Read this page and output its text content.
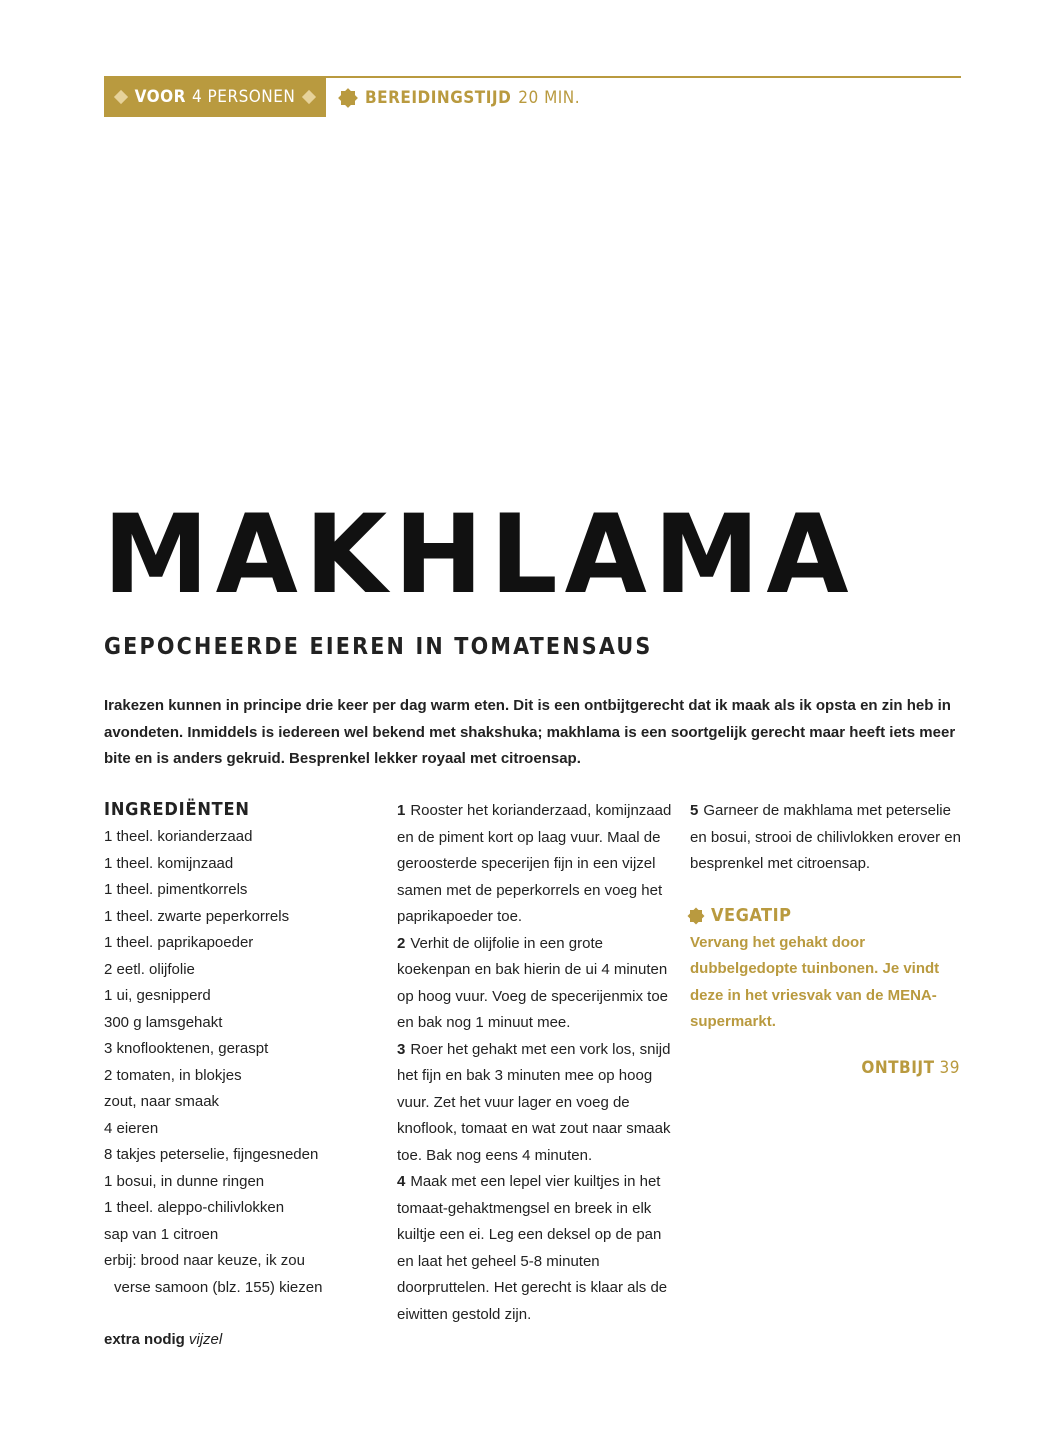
VOOR 4 PERSONEN	BEREIDINGSTIJD 20 MIN.
MAKHLAMA
GEPOCHEERDE EIEREN IN TOMATENSAUS

Irakezen kunnen in principe drie keer per dag warm eten. Dit is een ontbijtgerecht dat ik maak als ik opsta en zin heb in avondeten. Inmiddels is iedereen wel bekend met shakshuka; makhlama is een soortgelijk gerecht maar heeft iets meer bite en is anders gekruid. Besprenkel lekker royaal met citroensap.

INGREDIËNTEN
1 theel. korianderzaad
1 theel. komijnzaad
1 theel. pimentkorrels
1 theel. zwarte peperkorrels
1 theel. paprikapoeder
2 eetl. olijfolie
1 ui, gesnipperd
300 g lamsgehakt
3 knoflooktenen, geraspt
2 tomaten, in blokjes
zout, naar smaak
4 eieren
8 takjes peterselie, fijngesneden
1 bosui, in dunne ringen
1 theel. aleppo-chilivlokken
sap van 1 citroen
erbij: brood naar keuze, ik zou
verse samoon (blz. 155) kiezen
extra nodig vijzel

1 Rooster het korianderzaad, komijnzaad en de piment kort op laag vuur. Maal de geroosterde specerijen fijn in een vijzel samen met de peperkorrels en voeg het paprikapoeder toe.

2 Verhit de olijfolie in een grote koekenpan en bak hierin de ui 4 minuten op hoog vuur. Voeg de specerijenmix toe en bak nog 1 minuut mee.

3 Roer het gehakt met een vork los, snijd het fijn en bak 3 minuten mee op hoog vuur. Zet het vuur lager en voeg de knoflook, tomaat en wat zout naar smaak toe. Bak nog eens 4 minuten.

4 Maak met een lepel vier kuiltjes in het tomaat-gehaktmengsel en breek in elk kuiltje een ei. Leg een deksel op de pan en laat het geheel 5-8 minuten doorpruttelen. Het gerecht is klaar als de eiwitten gestold zijn.

5 Garneer de makhlama met peterselie en bosui, strooi de chilivlokken erover en besprenkel met citroensap.

VEGATIP

Vervang het gehakt door dubbelgedopte tuinbonen. Je vindt deze in het vriesvak van de MENA-supermarkt.

ONTBIJT 39
